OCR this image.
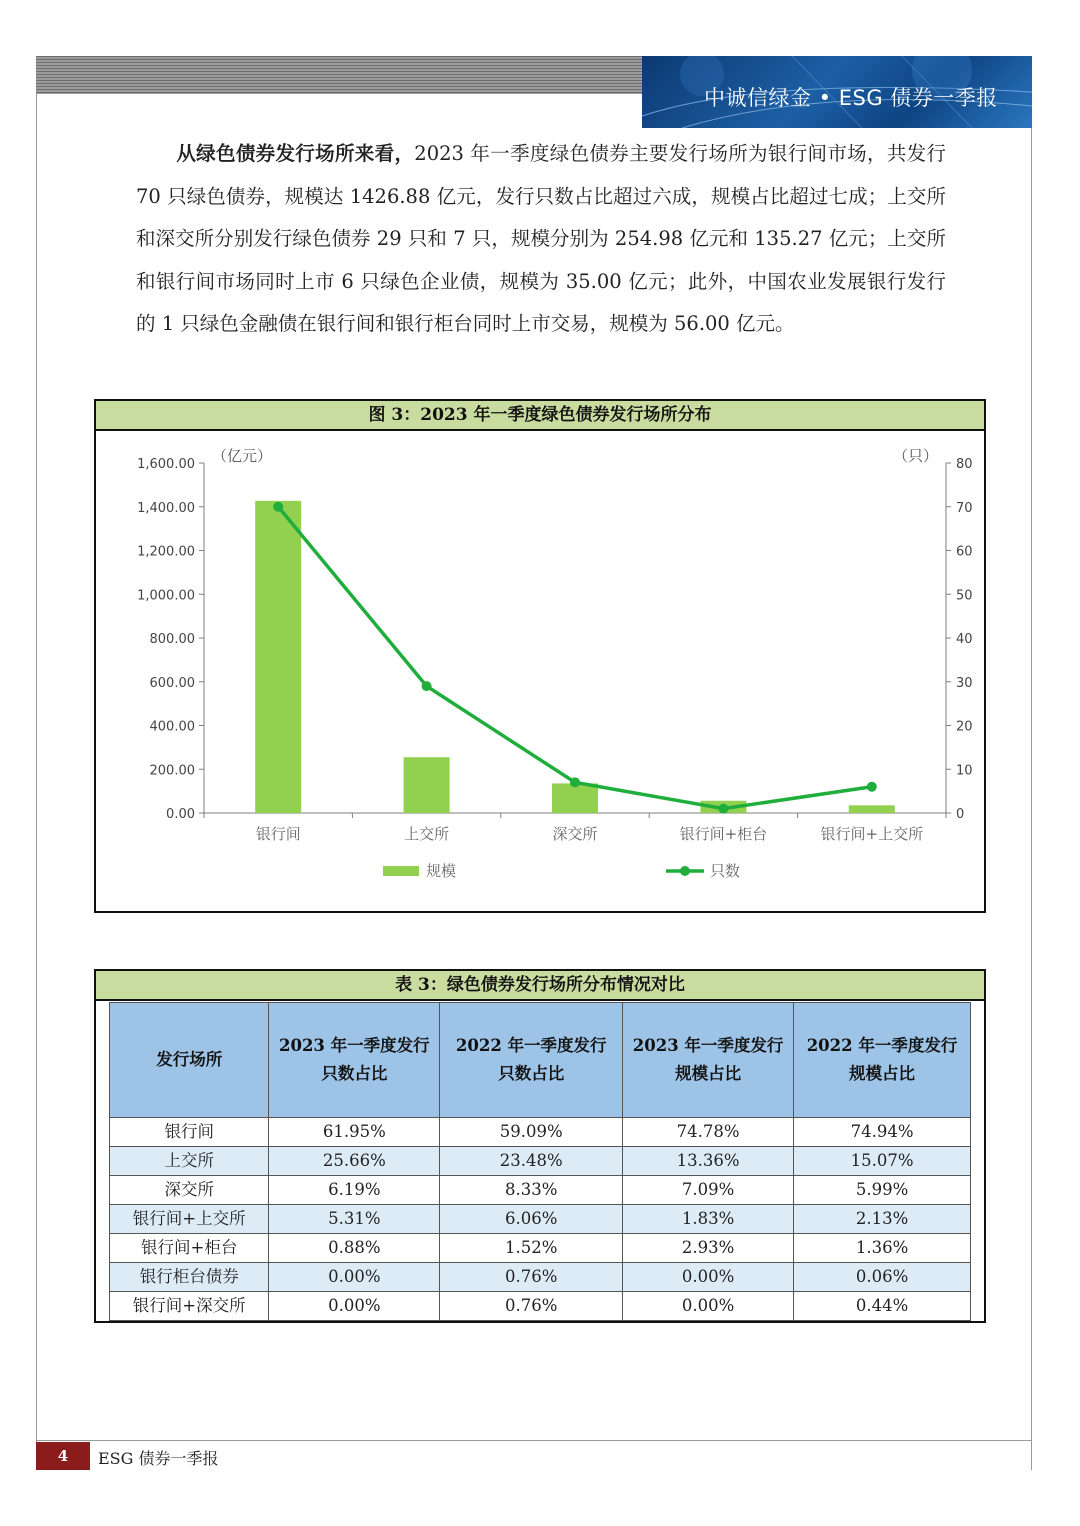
中诚信绿金 • ESG 债券一季报
从绿色债券发行场所来看，2023 年一季度绿色债券主要发行场所为银行间市场，共发行 70 只绿色债券，规模达 1426.88 亿元，发行只数占比超过六成，规模占比超过七成；上交所和深交所分别发行绿色债券 29 只和 7 只，规模分别为 254.98 亿元和 135.27 亿元；上交所和银行间市场同时上市 6 只绿色企业债，规模为 35.00 亿元；此外，中国农业发展银行发行的 1 只绿色金融债在银行间和银行柜台同时上市交易，规模为 56.00 亿元。
图 3：2023 年一季度绿色债券发行场所分布
0.00
200.00
400.00
600.00
800.00
1,000.00
1,200.00
1,400.00
1,600.00
0
10
20
30
40
50
60
70
80
（亿元）	（只）
银行间	上交所	深交所	银行间+柜台	银行间+上交所
规模	只数
表 3：绿色债券发行场所分布情况对比
发行场所	2023 年一季度发行只数占比	2022 年一季度发行只数占比	2023 年一季度发行规模占比	2022 年一季度发行规模占比

银行间	61.95%	59.09%	74.78%	74.94%
上交所	25.66%	23.48%	13.36%	15.07%
深交所	6.19%	8.33%	7.09%	5.99%
银行间+上交所	5.31%	6.06%	1.83%	2.13%
银行间+柜台	0.88%	1.52%	2.93%	1.36%
银行柜台债券	0.00%	0.76%	0.00%	0.06%
银行间+深交所	0.00%	0.76%	0.00%	0.44%
4	ESG 债券一季报
